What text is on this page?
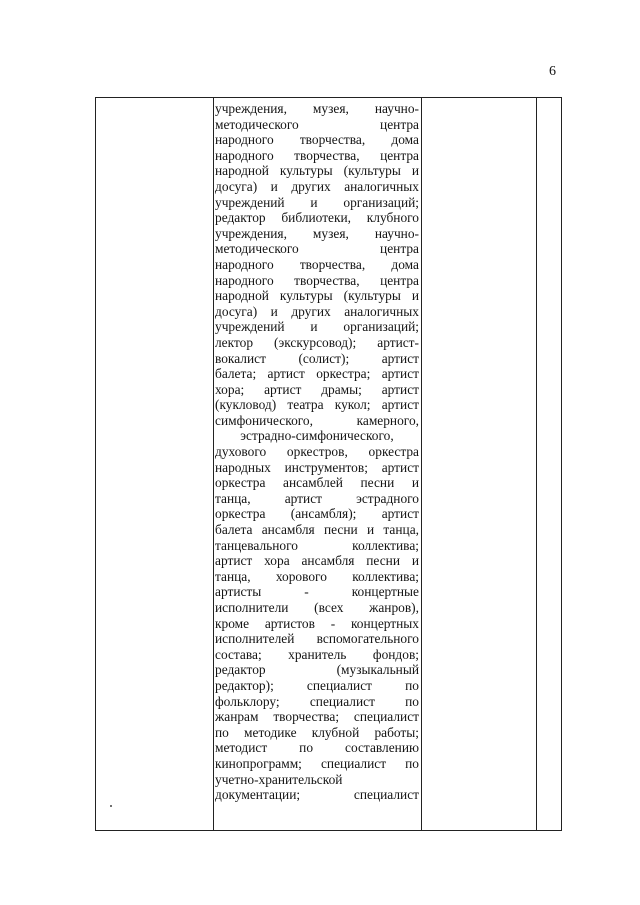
6
учреждения, музея, научно-
методического центра
народного творчества, дома
народного творчества, центра
народной культуры (культуры и
досуга) и других аналогичных
учреждений и организаций;
редактор библиотеки, клубного
учреждения, музея, научно-
методического центра
народного творчества, дома
народного творчества, центра
народной культуры (культуры и
досуга) и других аналогичных
учреждений и организаций;
лектор (экскурсовод); артист-
вокалист (солист); артист
балета; артист оркестра; артист
хора; артист драмы; артист
(кукловод) театра кукол; артист
симфонического, камерного,
эстрадно-симфонического,
духового оркестров, оркестра
народных инструментов; артист
оркестра ансамблей песни и
танца, артист эстрадного
оркестра (ансамбля); артист
балета ансамбля песни и танца,
танцевального коллектива;
артист хора ансамбля песни и
танца, хорового коллектива;
артисты - концертные
исполнители (всех жанров),
кроме артистов - концертных
исполнителей вспомогательного
состава; хранитель фондов;
редактор (музыкальный
редактор); специалист по
фольклору; специалист по
жанрам творчества; специалист
по методике клубной работы;
методист по составлению
кинопрограмм; специалист по
учетно-хранительской
документации; специалист
